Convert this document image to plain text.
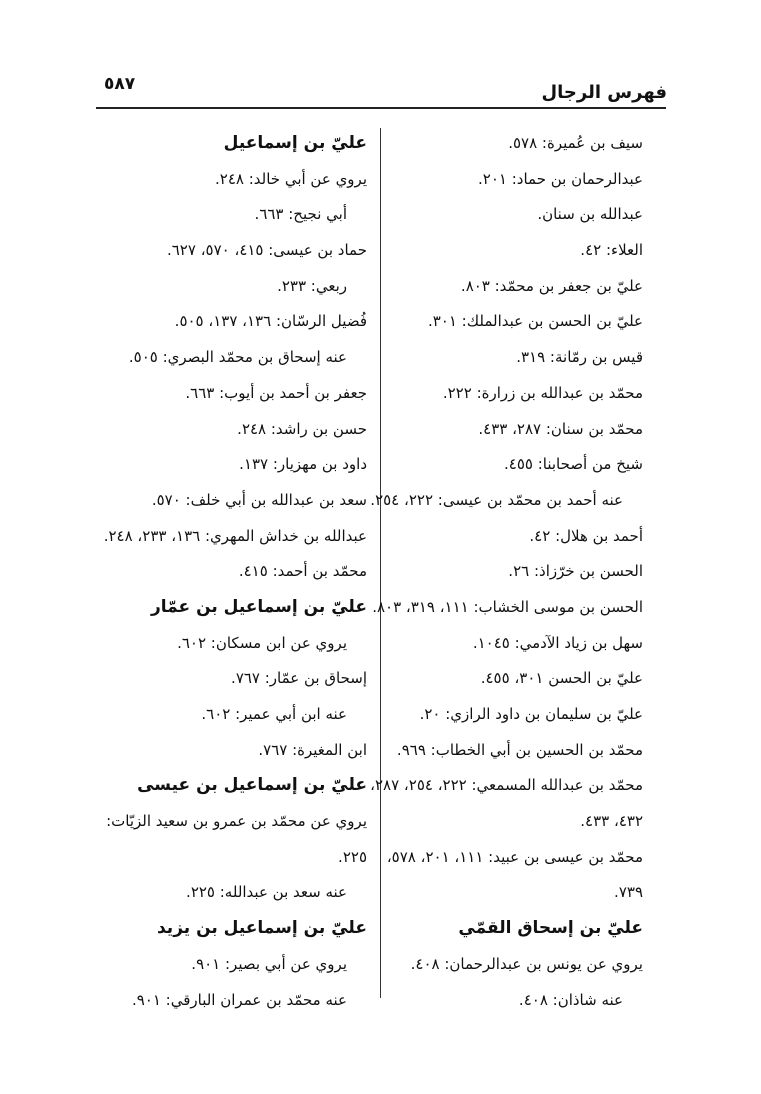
٥٨٧	فهرس الرجال
سيف بن عُميرة: ٥٧٨.
عبدالرحمان بن حماد: ٢٠١.
عبدالله بن سنان.
العلاء: ٤٢.
عليّ بن جعفر بن محمّد: ٨٠٣.
عليّ بن الحسن بن عبدالملك: ٣٠١.
قيس بن رمّانة: ٣١٩.
محمّد بن عبدالله بن زرارة: ٢٢٢.
محمّد بن سنان: ٢٨٧، ٤٣٣.
شيخ من أصحابنا: ٤٥٥.
عنه أحمد بن محمّد بن عيسى: ٢٢٢، ٢٥٤.
أحمد بن هلال: ٤٢.
الحسن بن خرّزاذ: ٢٦.
الحسن بن موسى الخشاب: ١١١، ٣١٩، ٨٠٣.
سهل بن زياد الآدمي: ١٠٤٥.
عليّ بن الحسن ٣٠١، ٤٥٥.
عليّ بن سليمان بن داود الرازي: ٢٠.
محمّد بن الحسين بن أبي الخطاب: ٩٦٩.
محمّد بن عبدالله المسمعي: ٢٢٢، ٢٥٤، ٢٨٧،
٤٣٢، ٤٣٣.
محمّد بن عيسى بن عبيد: ١١١، ٢٠١، ٥٧٨،
٧٣٩.
عليّ بن إسحاق القمّي
يروي عن يونس بن عبدالرحمان: ٤٠٨.
عنه شاذان: ٤٠٨.
عليّ بن إسماعيل
يروي عن أبي خالد: ٢٤٨.
أبي نجيح: ٦٦٣.
حماد بن عيسى: ٤١٥، ٥٧٠، ٦٢٧.
ربعي: ٢٣٣.
فُضيل الرسّان: ١٣٦، ١٣٧، ٥٠٥.
عنه إسحاق بن محمّد البصري: ٥٠٥.
جعفر بن أحمد بن أيوب: ٦٦٣.
حسن بن راشد: ٢٤٨.
داود بن مهزيار: ١٣٧.
سعد بن عبدالله بن أبي خلف: ٥٧٠.
عبدالله بن خداش المهري: ١٣٦، ٢٣٣، ٢٤٨.
محمّد بن أحمد: ٤١٥.
عليّ بن إسماعيل بن عمّار
يروي عن ابن مسكان: ٦٠٢.
إسحاق بن عمّار: ٧٦٧.
عنه ابن أبي عمير: ٦٠٢.
ابن المغيرة: ٧٦٧.
عليّ بن إسماعيل بن عيسى
يروي عن محمّد بن عمرو بن سعيد الزيّات:
٢٢٥.
عنه سعد بن عبدالله: ٢٢٥.
عليّ بن إسماعيل بن يزيد
يروي عن أبي بصير: ٩٠١.
عنه محمّد بن عمران البارقي: ٩٠١.
